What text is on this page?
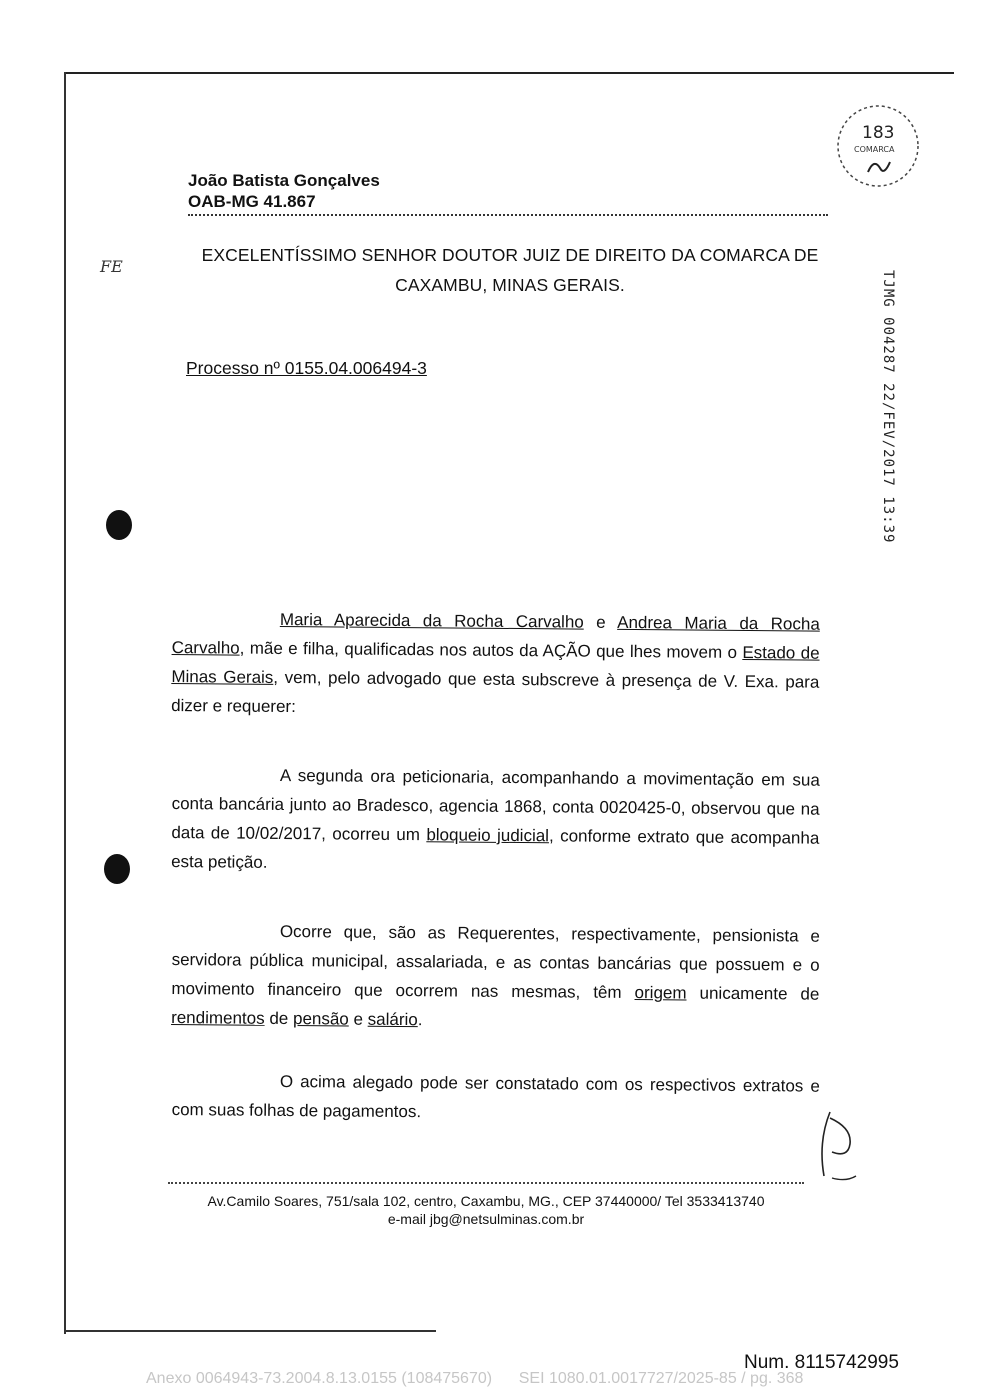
183
COMARCA
FE
João Batista Gonçalves
OAB-MG 41.867
EXCELENTÍSSIMO SENHOR DOUTOR JUIZ DE DIREITO DA COMARCA DE
CAXAMBU, MINAS GERAIS.	TJMG 004287 22/FEV/2017 13:39
Processo nº 0155.04.006494-3
Maria Aparecida da Rocha Carvalho e Andrea Maria da Rocha Carvalho, mãe e filha, qualificadas nos autos da AÇÃO que lhes movem o Estado de Minas Gerais, vem, pelo advogado que esta subscreve à presença de V. Exa. para dizer e requerer:
A segunda ora peticionaria, acompanhando a movimentação em sua conta bancária junto ao Bradesco, agencia 1868, conta 0020425-0, observou que na data de 10/02/2017, ocorreu um bloqueio judicial, conforme extrato que acompanha esta petição.
Ocorre que, são as Requerentes, respectivamente, pensionista e servidora pública municipal, assalariada, e as contas bancárias que possuem e o movimento financeiro que ocorrem nas mesmas, têm origem unicamente de rendimentos de pensão e salário.
O acima alegado pode ser constatado com os respectivos extratos e com suas folhas de pagamentos.
Av.Camilo Soares, 751/sala 102, centro, Caxambu, MG., CEP 37440000/ Tel 3533413740
e-mail jbg@netsulminas.com.br
Num. 8115742995
Anexo 0064943-73.2004.8.13.0155 (108475670) SEI 1080.01.0017727/2025-85 / pg. 368
